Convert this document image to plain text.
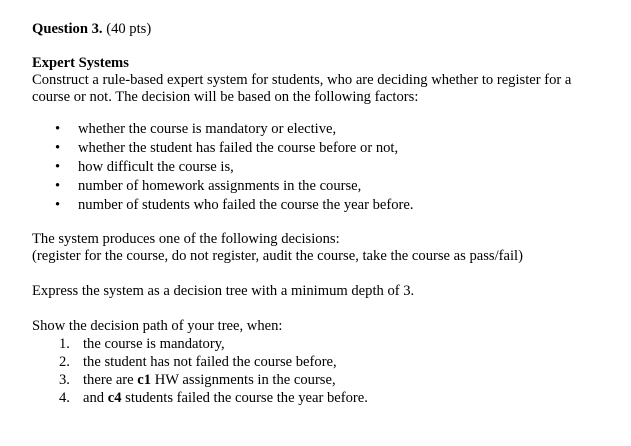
Question 3. (40 pts)

Expert Systems

Construct a rule-based expert system for students, who are deciding whether to register for a course or not. The decision will be based on the following factors:

• whether the course is mandatory or elective,
• whether the student has failed the course before or not,
• how difficult the course is,
• number of homework assignments in the course,
• number of students who failed the course the year before.

The system produces one of the following decisions:

(register for the course, do not register, audit the course, take the course as pass/fail)

Express the system as a decision tree with a minimum depth of 3.

Show the decision path of your tree, when:

1. the course is mandatory,
2. the student has not failed the course before,
3. there are c1 HW assignments in the course,
4. and c4 students failed the course the year before.
